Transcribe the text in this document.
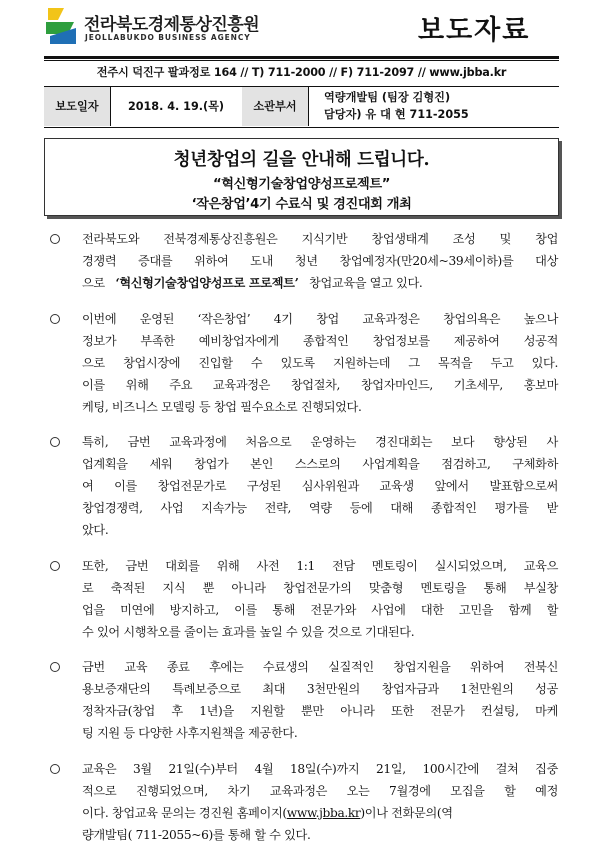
전라북도경제통상진흥원
JEOLLABUKDO BUSINESS AGENCY	보도자료
전주시 덕진구 팔과정로 164 // T) 711-2000 // F) 711-2097 // www.jbba.kr
보도일자	2018. 4. 19.(목)	소관부서
역량개발팀 (팀장 김형진)
담당자) 유 대 현 711-2055
청년창업의 길을 안내해 드립니다.
“혁신형기술창업양성프로젝트”
‘작은창업’4기 수료식 및 경진대회 개최
전라북도와 전북경제통상진흥원은 지식기반 창업생태계 조성 및 창업
경쟁력 증대를 위하여 도내 청년 창업예정자(만20세~39세이하)를 대상
으로 ‘혁신형기술창업양성프로 프로젝트’ 창업교육을 열고 있다.
이번에 운영된 ‘작은창업’ 4기 창업 교육과정은 창업의욕은 높으나
정보가 부족한 예비창업자에게 종합적인 창업정보를 제공하여 성공적
으로 창업시장에 진입할 수 있도록 지원하는데 그 목적을 두고 있다.
이를 위해 주요 교육과정은 창업절차, 창업자마인드, 기초세무, 홍보마
케팅, 비즈니스 모델링 등 창업 필수요소로 진행되었다.
특히, 금번 교육과정에 처음으로 운영하는 경진대회는 보다 향상된 사
업계획을 세워 창업가 본인 스스로의 사업계획을 점검하고, 구체화하
여 이를 창업전문가로 구성된 심사위원과 교육생 앞에서 발표함으로써
창업경쟁력, 사업 지속가능 전략, 역량 등에 대해 종합적인 평가를 받
았다.
또한, 금번 대회를 위해 사전 1:1 전담 멘토링이 실시되었으며, 교육으
로 축적된 지식 뿐 아니라 창업전문가의 맞춤형 멘토링을 통해 부실창
업을 미연에 방지하고, 이를 통해 전문가와 사업에 대한 고민을 함께 할
수 있어 시행착오를 줄이는 효과를 높일 수 있을 것으로 기대된다.
금번 교육 종료 후에는 수료생의 실질적인 창업지원을 위하여 전북신
용보증재단의 특례보증으로 최대 3천만원의 창업자금과 1천만원의 성공
정착자금(창업 후 1년)을 지원할 뿐만 아니라 또한 전문가 컨설팅, 마케
팅 지원 등 다양한 사후지원책을 제공한다.
교육은 3월 21일(수)부터 4월 18일(수)까지 21일, 100시간에 걸쳐 집중
적으로 진행되었으며, 차기 교육과정은 오는 7월경에 모집을 할 예정
이다. 창업교육 문의는 경진원 홈페이지(www.jbba.kr)이나 전화문의(역
량개발팀( 711-2055~6)를 통해 할 수 있다.
